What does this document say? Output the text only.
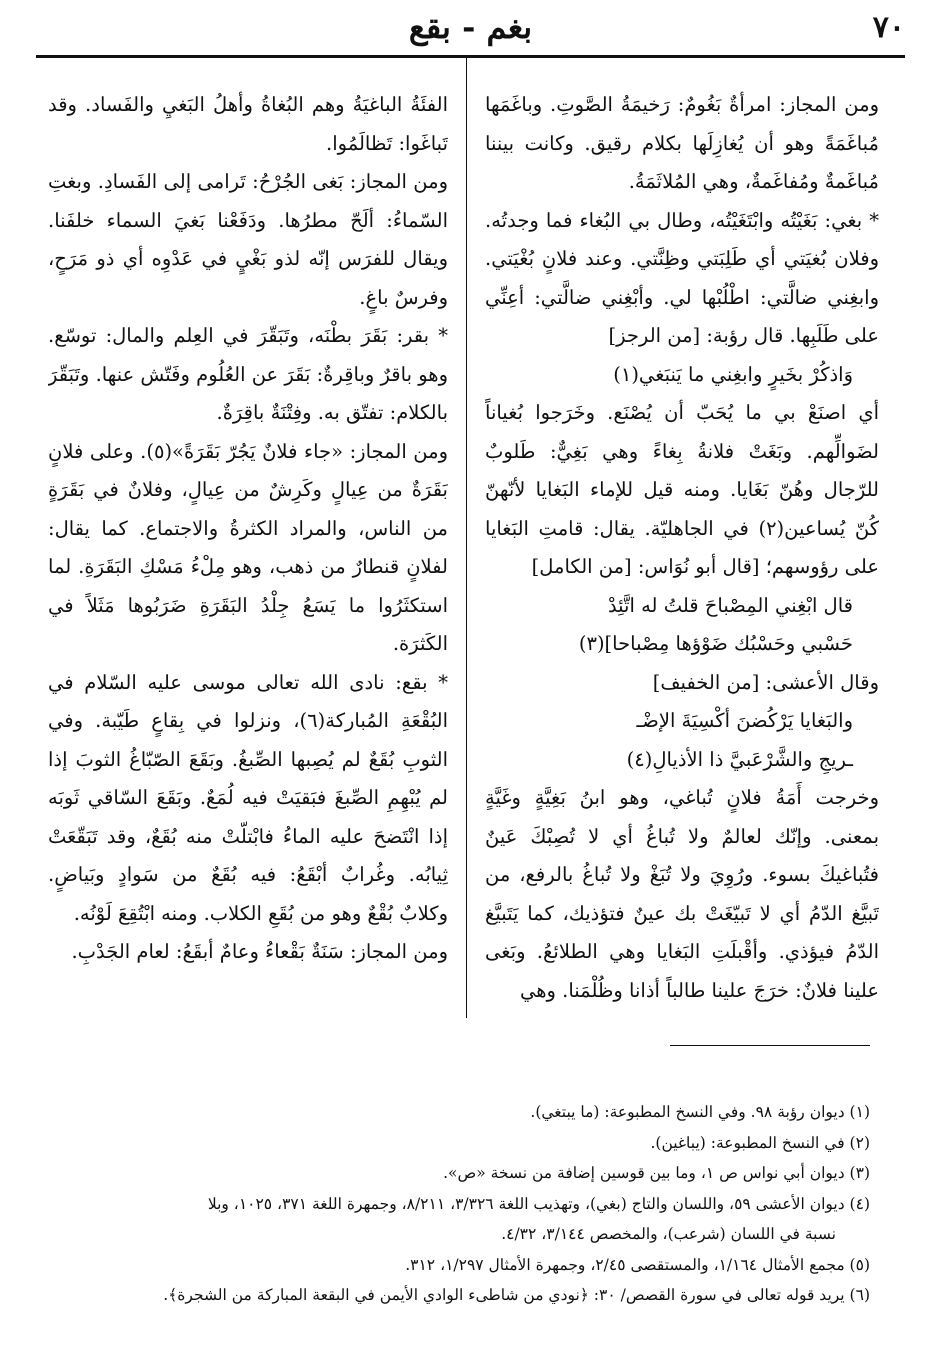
٧٠
بغم - بقع

ومن المجاز: امرأةٌ بَغُومٌ: رَخيمَةُ الصَّوتِ. وباغَمَها مُباغَمَةً وهو أن يُغازِلَها بكلام رقيق. وكانت بيننا مُباغَمةٌ ومُفاغَمةٌ، وهي المُلاثَمَةُ.

* بغي: بَغَيْتُه وابْتَغَيْتُه، وطال بي البُغاء فما وجدتُه. وفلان بُغيَتي أي طَلِبَتي وظِنَّتي. وعند فلانٍ بُغْيَتي. وابغِني ضالَّتي: اطْلُبْها لي. وأبْغِني ضالَّتي: أعِنِّي على طَلَبِها. قال رؤبة: [من الرجز]

وَاذكُرْ بخَيرٍ وابغِني ما يَنبَغي(١)

أي اصنَعْ بي ما يُحَبّ أن يُصْنَع. وخَرَجوا بُغياناً لضَوالِّهم. وبَغَتْ فلانةُ بِغاءً وهي بَغِيٌّ: طَلوبٌ للرّجال وهُنّ بَغَايا. ومنه قيل للإماء البَغايا لأنّهنّ كُنّ يُساعين(٢) في الجاهليّة. يقال: قامتِ البَغايا على رؤوسهم؛ [قال أبو نُوَاس: [من الكامل]

قال ابْغِني المِصْباحَ قلتُ له اتَّئِدْ

حَسْبي وحَسْبُك ضَوْؤها مِصْباحا](٣)

وقال الأعشى: [من الخفيف]

والبَغايا يَرْكُضنَ أكْسِيَةَ الإضْـ

ـريجِ والشَّرْعَبيَّ ذا الأذيالِ(٤)

وخرجت أَمَةُ فلانٍ تُباغي، وهو ابنُ بَغِيَّةٍ وغَيَّةٍ بمعنى. وإنّك لعالمٌ ولا تُباغُ أي لا تُصِبْكَ عَينٌ فتُباغيكَ بسوء. ورُوِيَ ولا تُبَغْ ولا تُباغُ بالرفع، من تَبيَّغ الدّمُ أي لا تَبيّغَتْ بك عينٌ فتؤذيك، كما يَتَبيَّغ الدّمُ فيؤذي. وأقْبلَتِ البَغايا وهي الطلائعُ. وبَغى علينا فلانٌ: خرَجَ علينا طالباً أذانا وظُلْمَنا. وهي

الفئَةُ الباغيَةُ وهم البُغاةُ وأهلُ البَغيِ والفَساد. وقد تَباغَوا: تَظالَمُوا.

ومن المجاز: بَغى الجُرْحُ: تَرامى إلى الفَسادِ. وبغتِ السّماءُ: ألَحّ مطرُها. ودَفَعْنا بَغيَ السماء خلفَنا. ويقال للفرَس إنّه لذو بَغْيٍ في عَدْوِه أي ذو مَرَحٍ، وفرسٌ باغٍ.

* بقر: بَقَرَ بطْنَه، وتَبَقّرَ في العِلم والمال: توسّع. وهو باقرٌ وباقِرةٌ: بَقَرَ عن العُلُوم وفَتّش عنها. وتَبَقّرَ بالكلام: تفتّق به. وفِتْنَةٌ باقِرَةٌ.

ومن المجاز: «جاء فلانٌ يَجُرّ بَقَرَةً»(٥). وعلى فلانٍ بَقَرَةٌ من عِيالٍ وكَرِشٌ من عِيالٍ، وفلانٌ في بَقَرَةٍ من الناس، والمراد الكثرةُ والاجتماع. كما يقال: لفلانٍ قنطارٌ من ذهب، وهو مِلْءُ مَسْكِ البَقَرَةِ. لما استكثَرُوا ما يَسَعُ جِلْدُ البَقَرَةِ ضَرَبُوها مَثَلاً في الكَثرَة.

* بقع: نادى الله تعالى موسى عليه السّلام في البُقْعَةِ المُباركة(٦)، ونزلوا في بِقاعٍ طَيّبة. وفي الثوبِ بُقَعٌ لم يُصِبها الصِّبغُ. وبَقَعَ الصّبّاغُ الثوبَ إذا لم يُبْهِمِ الصِّبغَ فبَقيَتْ فيه لُمَعٌ. وبَقَعَ السّاقي ثَوبَه إذا انْتَضحَ عليه الماءُ فابْتلّتْ منه بُقَعٌ، وقد تَبَقّعَتْ ثِيابُه. وغُرابٌ أبْقَعُ: فيه بُقَعٌ من سَوادٍ وبَياضٍ. وكلابٌ بُقْعٌ وهو من بُقَعِ الكلاب. ومنه ابْتُقِعَ لَوْنُه.

ومن المجاز: سَنَةٌ بَقْعاءُ وعامٌ أبقَعُ: لعام الجَدْبِ.

(١) ديوان رؤبة ٩٨. وفي النسخ المطبوعة: (ما يبتغي).

(٢) في النسخ المطبوعة: (يباغين).

(٣) ديوان أبي نواس ص ١، وما بين قوسين إضافة من نسخة «ص».

(٤) ديوان الأعشى ٥٩، واللسان والتاج (بغي)، وتهذيب اللغة ٣/٣٢٦، ٨/٢١١، وجمهرة اللغة ٣٧١، ١٠٢٥، وبلا

نسبة في اللسان (شرعب)، والمخصص ٣/١٤٤، ٤/٣٢.

(٥) مجمع الأمثال ١/١٦٤، والمستقصى ٢/٤٥، وجمهرة الأمثال ١/٢٩٧، ٣١٢.

(٦) يريد قوله تعالى في سورة القصص/ ٣٠: ﴿نودي من شاطىء الوادي الأيمن في البقعة المباركة من الشجرة﴾.
